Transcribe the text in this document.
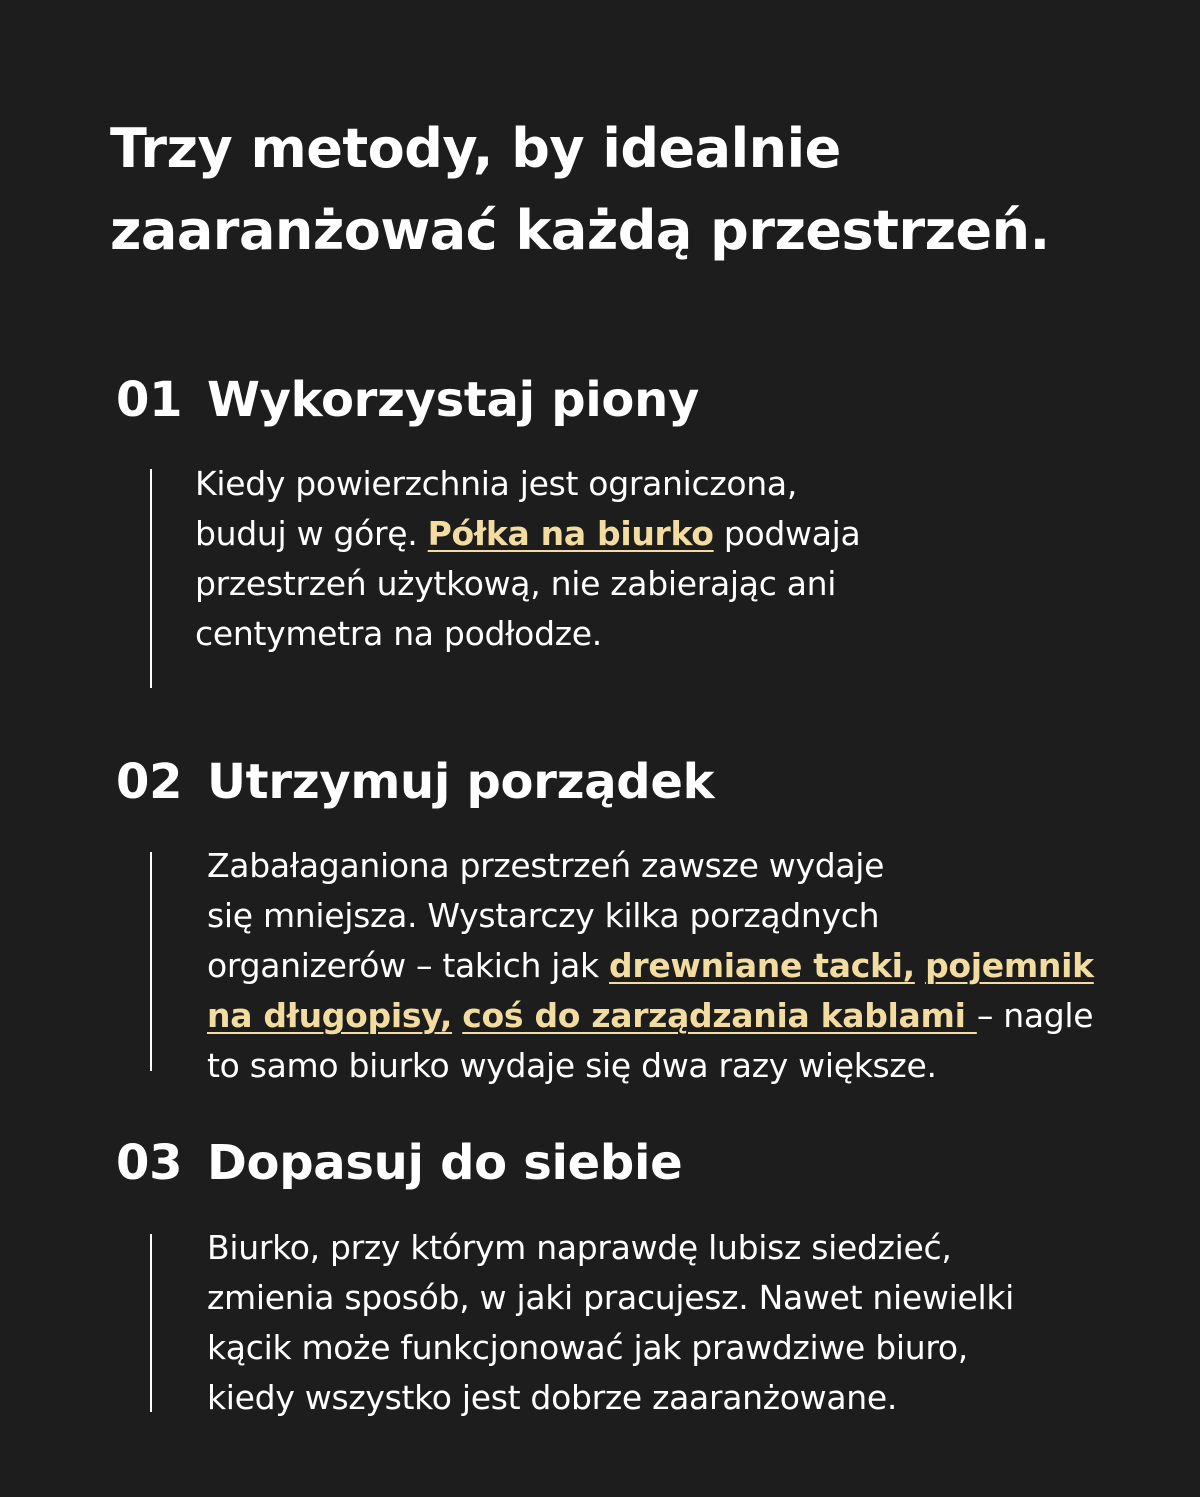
Trzy metody, by idealnie
zaaranżować każdą przestrzeń.
01 Wykorzystaj piony

Kiedy powierzchnia jest ograniczona,
buduj w górę. Półka na biurko podwaja
przestrzeń użytkową, nie zabierając ani
centymetra na podłodze.

02 Utrzymuj porządek

Zabałaganiona przestrzeń zawsze wydaje
się mniejsza. Wystarczy kilka porządnych
organizerów – takich jak drewniane tacki, pojemnik
na długopisy, coś do zarządzania kablami – nagle
to samo biurko wydaje się dwa razy większe.

03 Dopasuj do siebie

Biurko, przy którym naprawdę lubisz siedzieć,
zmienia sposób, w jaki pracujesz. Nawet niewielki
kącik może funkcjonować jak prawdziwe biuro,
kiedy wszystko jest dobrze zaaranżowane.
